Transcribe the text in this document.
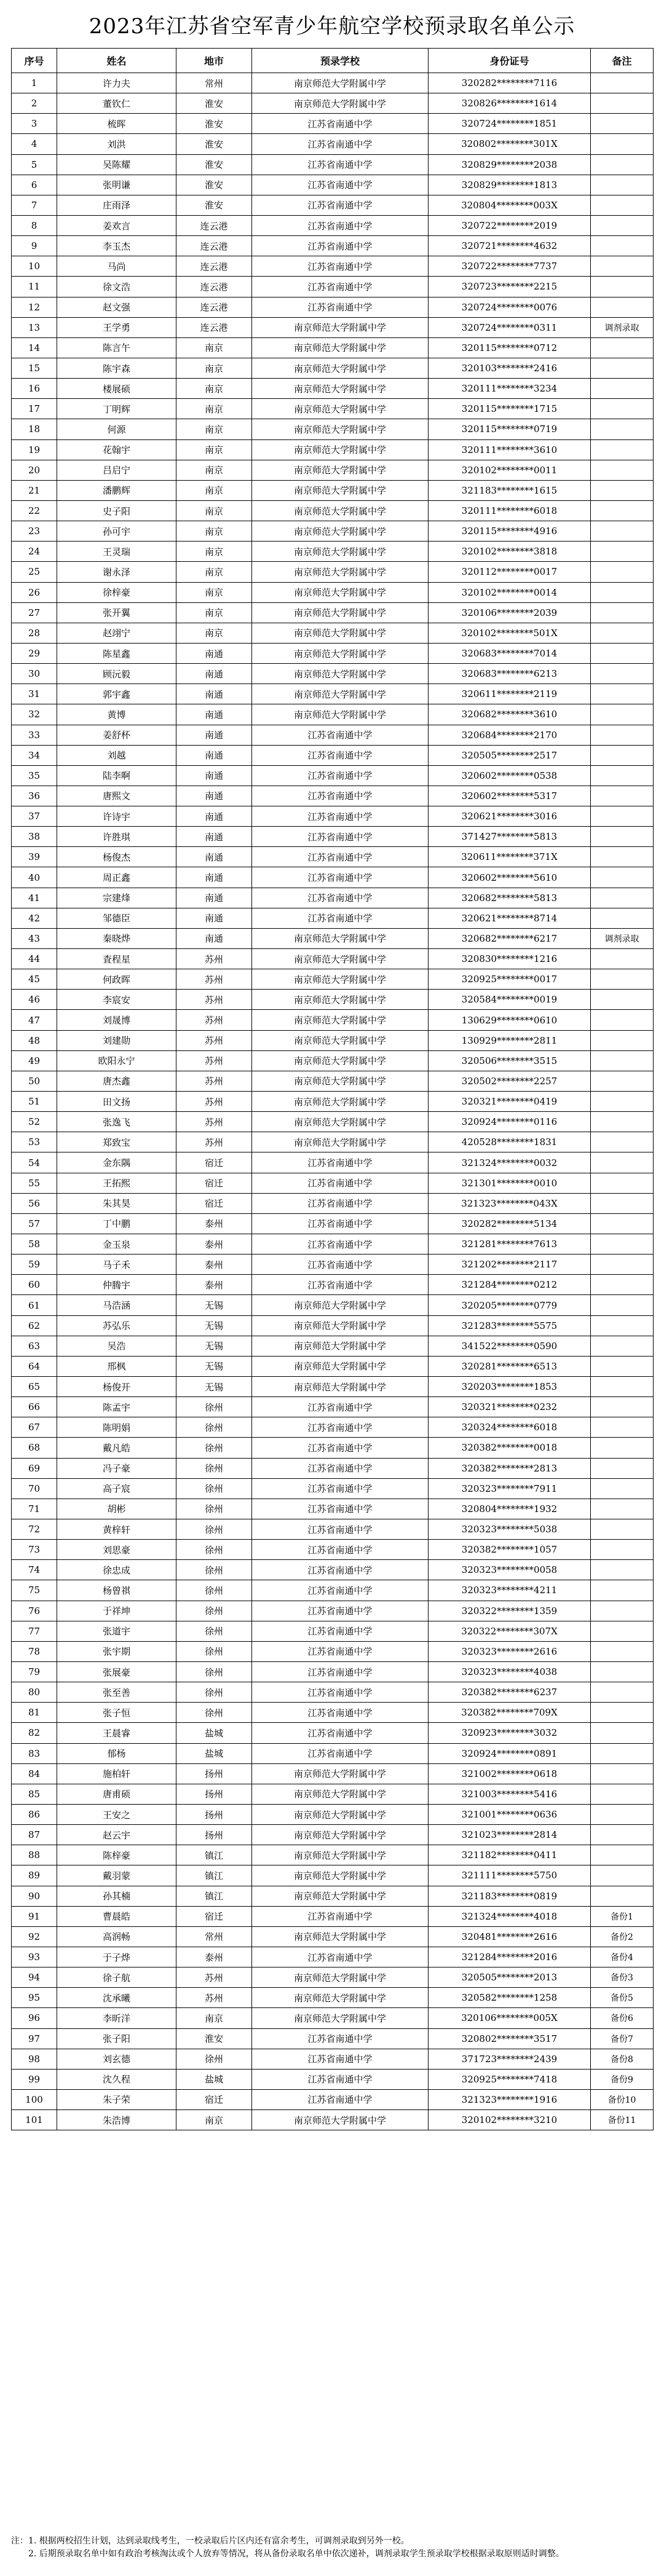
2023年江苏省空军青少年航空学校预录取名单公示
序号	姓名	地市	预录学校	身份证号	备注
1	许力夫	常州	南京师范大学附属中学	320282********7116	
2	董钦仁	淮安	南京师范大学附属中学	320826********1614	
3	梳晖	淮安	江苏省南通中学	320724********1851	
4	刘洪	淮安	江苏省南通中学	320802********301X	
5	吴陈耀	淮安	江苏省南通中学	320829********2038	
6	张明谦	淮安	江苏省南通中学	320829********1813	
7	庄雨泽	淮安	江苏省南通中学	320804********003X	
8	姜欢言	连云港	江苏省南通中学	320722********2019	
9	李玉杰	连云港	江苏省南通中学	320721********4632	
10	马尚	连云港	江苏省南通中学	320722********7737	
11	徐文浩	连云港	江苏省南通中学	320723********2215	
12	赵文强	连云港	江苏省南通中学	320724********0076	
13	王学勇	连云港	南京师范大学附属中学	320724********0311	调剂录取
14	陈言午	南京	南京师范大学附属中学	320115********0712	
15	陈宇森	南京	南京师范大学附属中学	320103********2416	
16	楼展硕	南京	南京师范大学附属中学	320111********3234	
17	丁明辉	南京	南京师范大学附属中学	320115********1715	
18	何源	南京	南京师范大学附属中学	320115********0719	
19	花翰宇	南京	南京师范大学附属中学	320111********3610	
20	吕启宁	南京	南京师范大学附属中学	320102********0011	
21	潘鹏辉	南京	南京师范大学附属中学	321183********1615	
22	史子阳	南京	南京师范大学附属中学	320111********6018	
23	孙可宇	南京	南京师范大学附属中学	320115********4916	
24	王灵瑞	南京	南京师范大学附属中学	320102********3818	
25	谢永泽	南京	南京师范大学附属中学	320112********0017	
26	徐梓豪	南京	南京师范大学附属中学	320102********0014	
27	张开翼	南京	南京师范大学附属中学	320106********2039	
28	赵翊宁	南京	南京师范大学附属中学	320102********501X	
29	陈星鑫	南通	南京师范大学附属中学	320683********7014	
30	顾沅毅	南通	南京师范大学附属中学	320683********6213	
31	郭宇鑫	南通	南京师范大学附属中学	320611********2119	
32	黄博	南通	南京师范大学附属中学	320682********3610	
33	姜舒杯	南通	江苏省南通中学	320684********2170	
34	刘越	南通	江苏省南通中学	320505********2517	
35	陆李啊	南通	江苏省南通中学	320602********0538	
36	唐熙文	南通	江苏省南通中学	320602********5317	
37	许诗宇	南通	江苏省南通中学	320621********3016	
38	许胜琪	南通	江苏省南通中学	371427********5813	
39	杨俊杰	南通	江苏省南通中学	320611********371X	
40	周正鑫	南通	江苏省南通中学	320602********5610	
41	宗建烽	南通	江苏省南通中学	320682********5813	
42	邹德臣	南通	江苏省南通中学	320621********8714	
43	秦晓烨	南通	南京师范大学附属中学	320682********6217	调剂录取
44	査程星	苏州	南京师范大学附属中学	320830********1216	
45	何政晖	苏州	南京师范大学附属中学	320925********0017	
46	李宸安	苏州	南京师范大学附属中学	320584********0019	
47	刘晟博	苏州	南京师范大学附属中学	130629********0610	
48	刘建勋	苏州	南京师范大学附属中学	130929********2811	
49	欧阳永宁	苏州	南京师范大学附属中学	320506********3515	
50	唐杰鑫	苏州	南京师范大学附属中学	320502********2257	
51	田文扬	苏州	南京师范大学附属中学	320321********0419	
52	张逸飞	苏州	南京师范大学附属中学	320924********0116	
53	郑致宝	苏州	南京师范大学附属中学	420528********1831	
54	金东隅	宿迁	江苏省南通中学	321324********0032	
55	王拓熙	宿迁	江苏省南通中学	321301********0010	
56	朱其昊	宿迁	江苏省南通中学	321323********043X	
57	丁中鹏	泰州	江苏省南通中学	320282********5134	
58	金玉泉	泰州	江苏省南通中学	321281********7613	
59	马子禾	泰州	江苏省南通中学	321202********2117	
60	仲腾宇	泰州	江苏省南通中学	321284********0212	
61	马浩涵	无锡	南京师范大学附属中学	320205********0779	
62	苏弘乐	无锡	南京师范大学附属中学	321283********5575	
63	吴浩	无锡	南京师范大学附属中学	341522********0590	
64	邢枫	无锡	南京师范大学附属中学	320281********6513	
65	杨俊开	无锡	南京师范大学附属中学	320203********1853	
66	陈孟宇	徐州	江苏省南通中学	320321********0232	
67	陈明娟	徐州	江苏省南通中学	320324********6018	
68	戴凡皓	徐州	江苏省南通中学	320382********0018	
69	冯子豪	徐州	江苏省南通中学	320382********2813	
70	高子宸	徐州	江苏省南通中学	320323********7911	
71	胡彬	徐州	江苏省南通中学	320804********1932	
72	黄梓轩	徐州	江苏省南通中学	320323********5038	
73	刘思豪	徐州	江苏省南通中学	320382********1057	
74	徐忠成	徐州	江苏省南通中学	320323********0058	
75	杨曾祺	徐州	江苏省南通中学	320323********4211	
76	于祥坤	徐州	江苏省南通中学	320322********1359	
77	张道宇	徐州	江苏省南通中学	320322********307X	
78	张宇期	徐州	江苏省南通中学	320323********2616	
79	张展豪	徐州	江苏省南通中学	320323********4038	
80	张至善	徐州	江苏省南通中学	320382********6237	
81	张子恒	徐州	江苏省南通中学	320382********709X	
82	王晨睿	盐城	江苏省南通中学	320923********3032	
83	郁杨	盐城	江苏省南通中学	320924********0891	
84	施柏轩	扬州	南京师范大学附属中学	321002********0618	
85	唐甫硕	扬州	南京师范大学附属中学	321003********5416	
86	王安之	扬州	南京师范大学附属中学	321001********0636	
87	赵云宇	扬州	南京师范大学附属中学	321023********2814	
88	陈梓豪	镇江	南京师范大学附属中学	321182********0411	
89	戴羽蒙	镇江	南京师范大学附属中学	321111********5750	
90	孙其楠	镇江	南京师范大学附属中学	321183********0819	
91	曹晨皓	宿迁	江苏省南通中学	321324********4018	备份1
92	高润畅	常州	南京师范大学附属中学	320481********2616	备份2
93	于子烨	泰州	江苏省南通中学	321284********2016	备份4
94	徐子航	苏州	南京师范大学附属中学	320505********2013	备份3
95	沈承曦	苏州	南京师范大学附属中学	320582********1258	备份5
96	李昕洋	南京	南京师范大学附属中学	320106********005X	备份6
97	张子阳	淮安	江苏省南通中学	320802********3517	备份7
98	刘玄德	徐州	江苏省南通中学	371723********2439	备份8
99	沈久程	盐城	江苏省南通中学	320925********7418	备份9
100	朱子荣	宿迁	江苏省南通中学	321323********1916	备份10
101	朱浩博	南京	南京师范大学附属中学	320102********3210	备份11

注：1. 根据两校招生计划，达到录取线考生，一校录取后片区内还有富余考生，可调剂录取到另外一校。

2. 后期预录取名单中如有政治考核淘汰或个人放弃等情况，将从备份录取名单中依次递补，调剂录取学生预录取学校根据录取原则适时调整。
